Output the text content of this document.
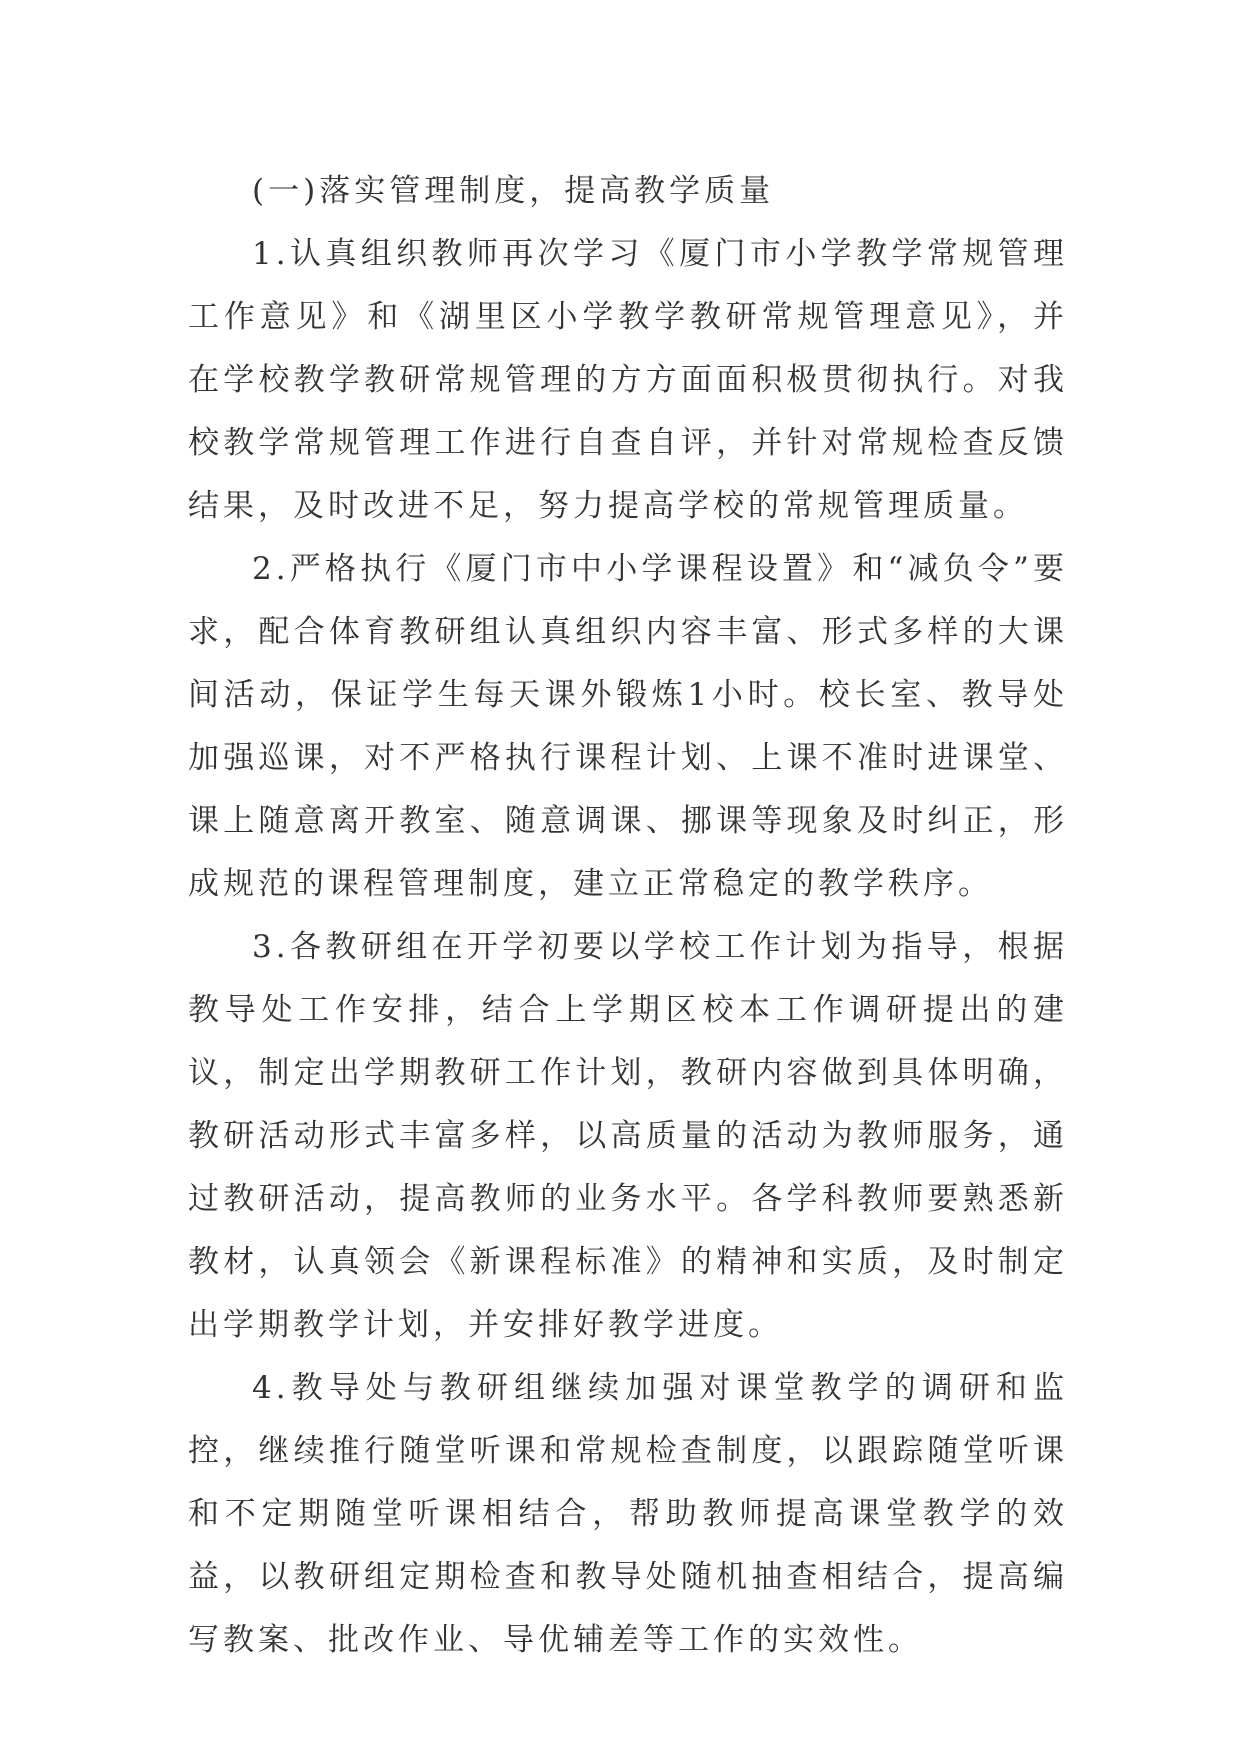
(一)落实管理制度，提高教学质量

1.认真组织教师再次学习《厦门市小学教学常规管理工作意见》和《湖里区小学教学教研常规管理意见》，并在学校教学教研常规管理的方方面面积极贯彻执行。对我校教学常规管理工作进行自查自评，并针对常规检查反馈结果，及时改进不足，努力提高学校的常规管理质量。

2.严格执行《厦门市中小学课程设置》和“减负令”要求，配合体育教研组认真组织内容丰富、形式多样的大课间活动，保证学生每天课外锻炼1小时。校长室、教导处加强巡课，对不严格执行课程计划、上课不准时进课堂、课上随意离开教室、随意调课、挪课等现象及时纠正，形成规范的课程管理制度，建立正常稳定的教学秩序。

3.各教研组在开学初要以学校工作计划为指导，根据教导处工作安排，结合上学期区校本工作调研提出的建议，制定出学期教研工作计划，教研内容做到具体明确，教研活动形式丰富多样，以高质量的活动为教师服务，通过教研活动，提高教师的业务水平。各学科教师要熟悉新教材，认真领会《新课程标准》的精神和实质，及时制定出学期教学计划，并安排好教学进度。

4.教导处与教研组继续加强对课堂教学的调研和监控，继续推行随堂听课和常规检查制度，以跟踪随堂听课和不定期随堂听课相结合，帮助教师提高课堂教学的效益，以教研组定期检查和教导处随机抽查相结合，提高编写教案、批改作业、导优辅差等工作的实效性。
